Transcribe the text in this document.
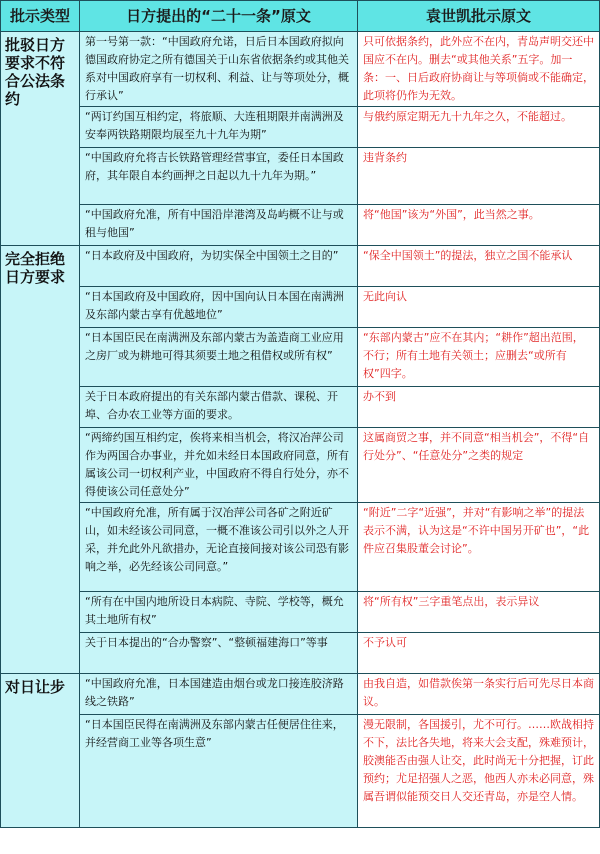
批示类型	日方提出的“二十一条”原文	袁世凯批示原文
批驳日方要求不符合公法条约	第一号第一款：“中国政府允诺，日后日本国政府拟向德国政府协定之所有德国关于山东省依据条约或其他关系对中国政府享有一切权利、利益、让与等项处分，概行承认”	只可依据条约，此外应不在内，青岛声明交还中国应不在内。删去“或其他关系”五字。加一条：一、日后政府协商让与等项倘或不能确定，此项将仍作为无效。
	“两订约国互相约定，将旅顺、大连租期限并南满洲及安奉两铁路期限均展至九十九年为期”	与俄约原定期无九十九年之久，不能超过。
	“中国政府允将吉长铁路管理经营事宜，委任日本国政府，其年限自本约画押之日起以九十九年为期。”	违背条约
	“中国政府允准，所有中国沿岸港湾及岛屿概不让与或租与他国”	将“他国”该为“外国”，此当然之事。
完全拒绝日方要求	“日本政府及中国政府，为切实保全中国领土之目的”	“保全中国领土”的提法，独立之国不能承认
	“日本国政府及中国政府，因中国向认日本国在南满洲及东部内蒙古享有优越地位”	无此向认
	“日本国臣民在南满洲及东部内蒙古为盖造商工业应用之房厂或为耕地可得其须要土地之租借权或所有权”	“东部内蒙古”应不在其内；“耕作”超出范围，不行；所有土地有关领土；应删去“或所有权”四字。
	关于日本政府提出的有关东部内蒙古借款、课税、开埠、合办农工业等方面的要求。	办不到
	“两缔约国互相约定，俟将来相当机会，将汉冶萍公司作为两国合办事业，并允如未经日本国政府同意，所有属该公司一切权利产业，中国政府不得自行处分，亦不得使该公司任意处分”	这属商贸之事，并不同意“相当机会”，不得“自行处分”、“任意处分”之类的规定
	“中国政府允准，所有属于汉冶萍公司各矿之附近矿山，如未经该公司同意，一概不准该公司引以外之人开采，并允此外凡欲措办，无论直接间接对该公司恐有影响之举，必先经该公司同意。”	“附近”二字“近强”，并对“有影响之举”的提法表示不满，认为这是“不许中国另开矿也”，“此件应召集股董会讨论”。
	“所有在中国内地所设日本病院、寺院、学校等，概允其土地所有权”	将“所有权”三字重笔点出，表示异议
	关于日本提出的“合办警察”、“整顿福建海口”等事	不予认可
对日让步	“中国政府允准，日本国建造由烟台或龙口接连胶济路线之铁路”	由我自造，如借款俟第一条实行后可先尽日本商议。
	“日本国臣民得在南满洲及东部内蒙古任便居住往来，并经营商工业等各项生意”	漫无限制，各国援引，尤不可行。……欧战相持不下，法比各失地，将来大会支配，殊难预计，胶澳能否由强人让交，此时尚无十分把握，订此预约；尤足招强人之恶，他西人亦未必同意，殊属吾谓似能预交日人交还青岛，亦是空人情。
